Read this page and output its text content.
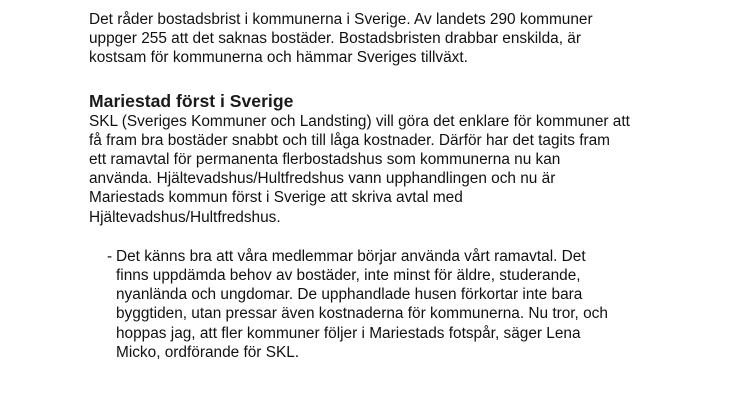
Det råder bostadsbrist i kommunerna i Sverige. Av landets 290 kommuner
uppger 255 att det saknas bostäder. Bostadsbristen drabbar enskilda, är
kostsam för kommunerna och hämmar Sveriges tillväxt.

Mariestad först i Sverige

SKL (Sveriges Kommuner och Landsting) vill göra det enklare för kommuner att
få fram bra bostäder snabbt och till låga kostnader. Därför har det tagits fram
ett ramavtal för permanenta flerbostadshus som kommunerna nu kan
använda. Hjältevadshus/Hultfredshus vann upphandlingen och nu är
Mariestads kommun först i Sverige att skriva avtal med
Hjältevadshus/Hultfredshus.

- Det känns bra att våra medlemmar börjar använda vårt ramavtal. Det
finns uppdämda behov av bostäder, inte minst för äldre, studerande,
nyanlända och ungdomar. De upphandlade husen förkortar inte bara
byggtiden, utan pressar även kostnaderna för kommunerna. Nu tror, och
hoppas jag, att fler kommuner följer i Mariestads fotspår, säger Lena
Micko, ordförande för SKL.
